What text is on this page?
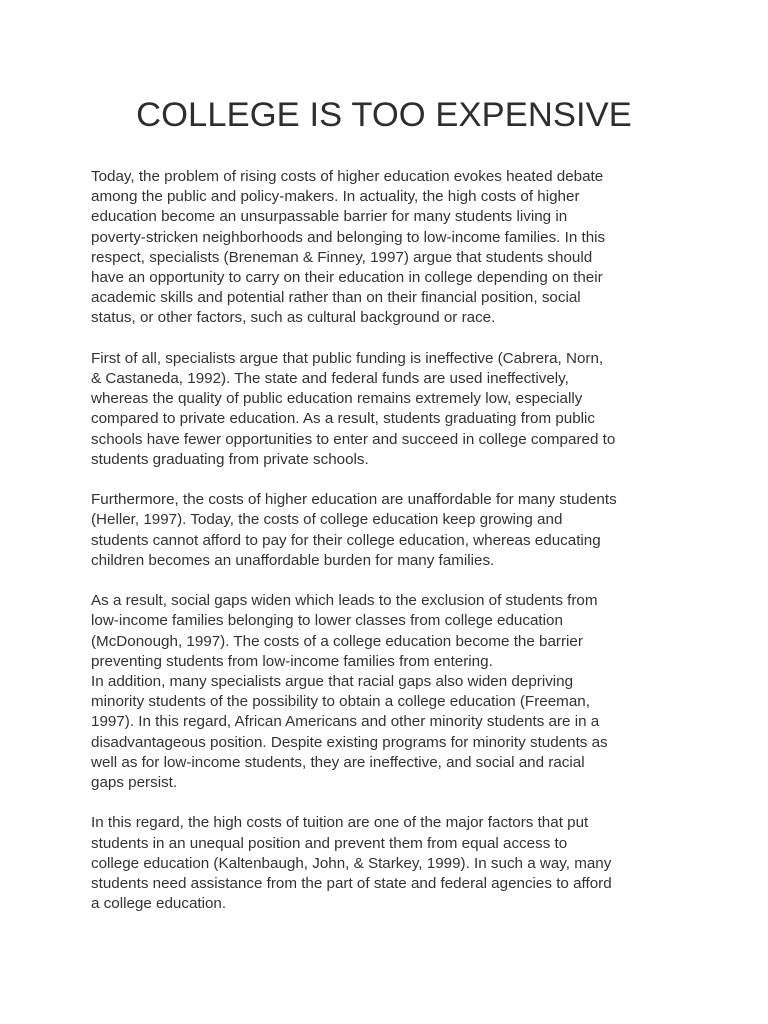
COLLEGE IS TOO EXPENSIVE

Today, the problem of rising costs of higher education evokes heated debate
among the public and policy-makers. In actuality, the high costs of higher
education become an unsurpassable barrier for many students living in
poverty-stricken neighborhoods and belonging to low-income families. In this
respect, specialists (Breneman & Finney, 1997) argue that students should
have an opportunity to carry on their education in college depending on their
academic skills and potential rather than on their financial position, social
status, or other factors, such as cultural background or race.

First of all, specialists argue that public funding is ineffective (Cabrera, Norn,
& Castaneda, 1992). The state and federal funds are used ineffectively,
whereas the quality of public education remains extremely low, especially
compared to private education. As a result, students graduating from public
schools have fewer opportunities to enter and succeed in college compared to
students graduating from private schools.

Furthermore, the costs of higher education are unaffordable for many students
(Heller, 1997). Today, the costs of college education keep growing and
students cannot afford to pay for their college education, whereas educating
children becomes an unaffordable burden for many families.

As a result, social gaps widen which leads to the exclusion of students from
low-income families belonging to lower classes from college education
(McDonough, 1997). The costs of a college education become the barrier
preventing students from low-income families from entering.

In addition, many specialists argue that racial gaps also widen depriving
minority students of the possibility to obtain a college education (Freeman,
1997). In this regard, African Americans and other minority students are in a
disadvantageous position. Despite existing programs for minority students as
well as for low-income students, they are ineffective, and social and racial
gaps persist.

In this regard, the high costs of tuition are one of the major factors that put
students in an unequal position and prevent them from equal access to
college education (Kaltenbaugh, John, & Starkey, 1999). In such a way, many
students need assistance from the part of state and federal agencies to afford
a college education.
